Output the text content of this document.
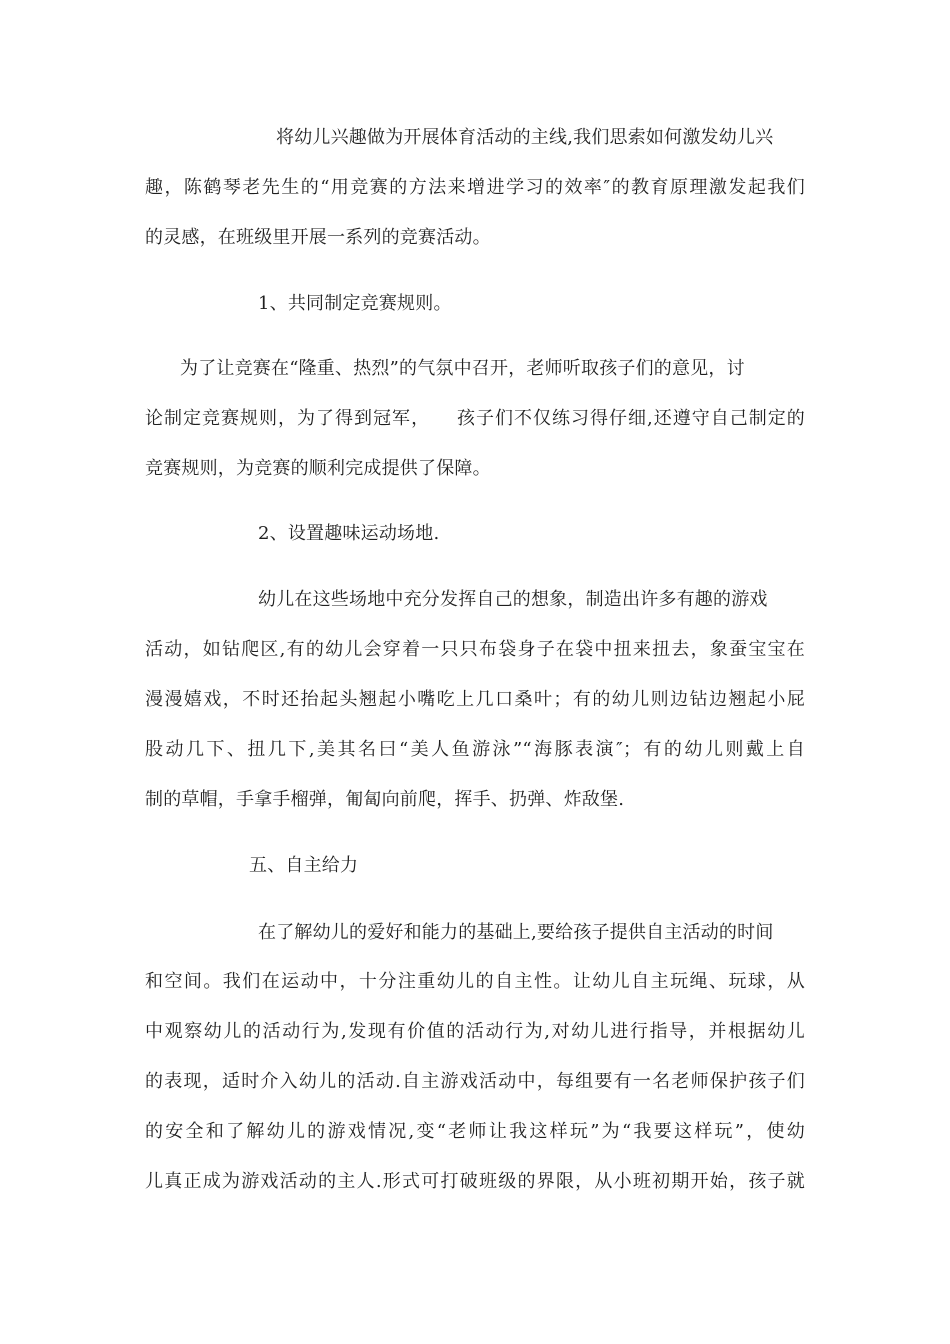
将幼儿兴趣做为开展体育活动的主线,我们思索如何激发幼儿兴
趣，陈鹤琴老先生的“用竞赛的方法来增进学习的效率″的教育原理激发起我们
的灵感，在班级里开展一系列的竞赛活动。
1、共同制定竞赛规则。
为了让竞赛在“隆重、热烈”的气氛中召开，老师听取孩子们的意见，讨
论制定竞赛规则，为了得到冠军，    孩子们不仅练习得仔细,还遵守自己制定的
竞赛规则，为竞赛的顺利完成提供了保障。
2、设置趣味运动场地.
幼儿在这些场地中充分发挥自己的想象，制造出许多有趣的游戏
活动，如钻爬区,有的幼儿会穿着一只只布袋身子在袋中扭来扭去，象蚕宝宝在
漫漫嬉戏，不时还抬起头翘起小嘴吃上几口桑叶；有的幼儿则边钻边翘起小屁
股动几下、扭几下,美其名曰“美人鱼游泳”“海豚表演″；有的幼儿则戴上自
制的草帽，手拿手榴弹，匍匐向前爬，挥手、扔弹、炸敌堡.
五、自主给力
在了解幼儿的爱好和能力的基础上,要给孩子提供自主活动的时间
和空间。我们在运动中，十分注重幼儿的自主性。让幼儿自主玩绳、玩球，从
中观察幼儿的活动行为,发现有价值的活动行为,对幼儿进行指导，并根据幼儿
的表现，适时介入幼儿的活动.自主游戏活动中，每组要有一名老师保护孩子们
的安全和了解幼儿的游戏情况,变“老师让我这样玩”为“我要这样玩”，使幼
儿真正成为游戏活动的主人.形式可打破班级的界限，从小班初期开始，孩子就
